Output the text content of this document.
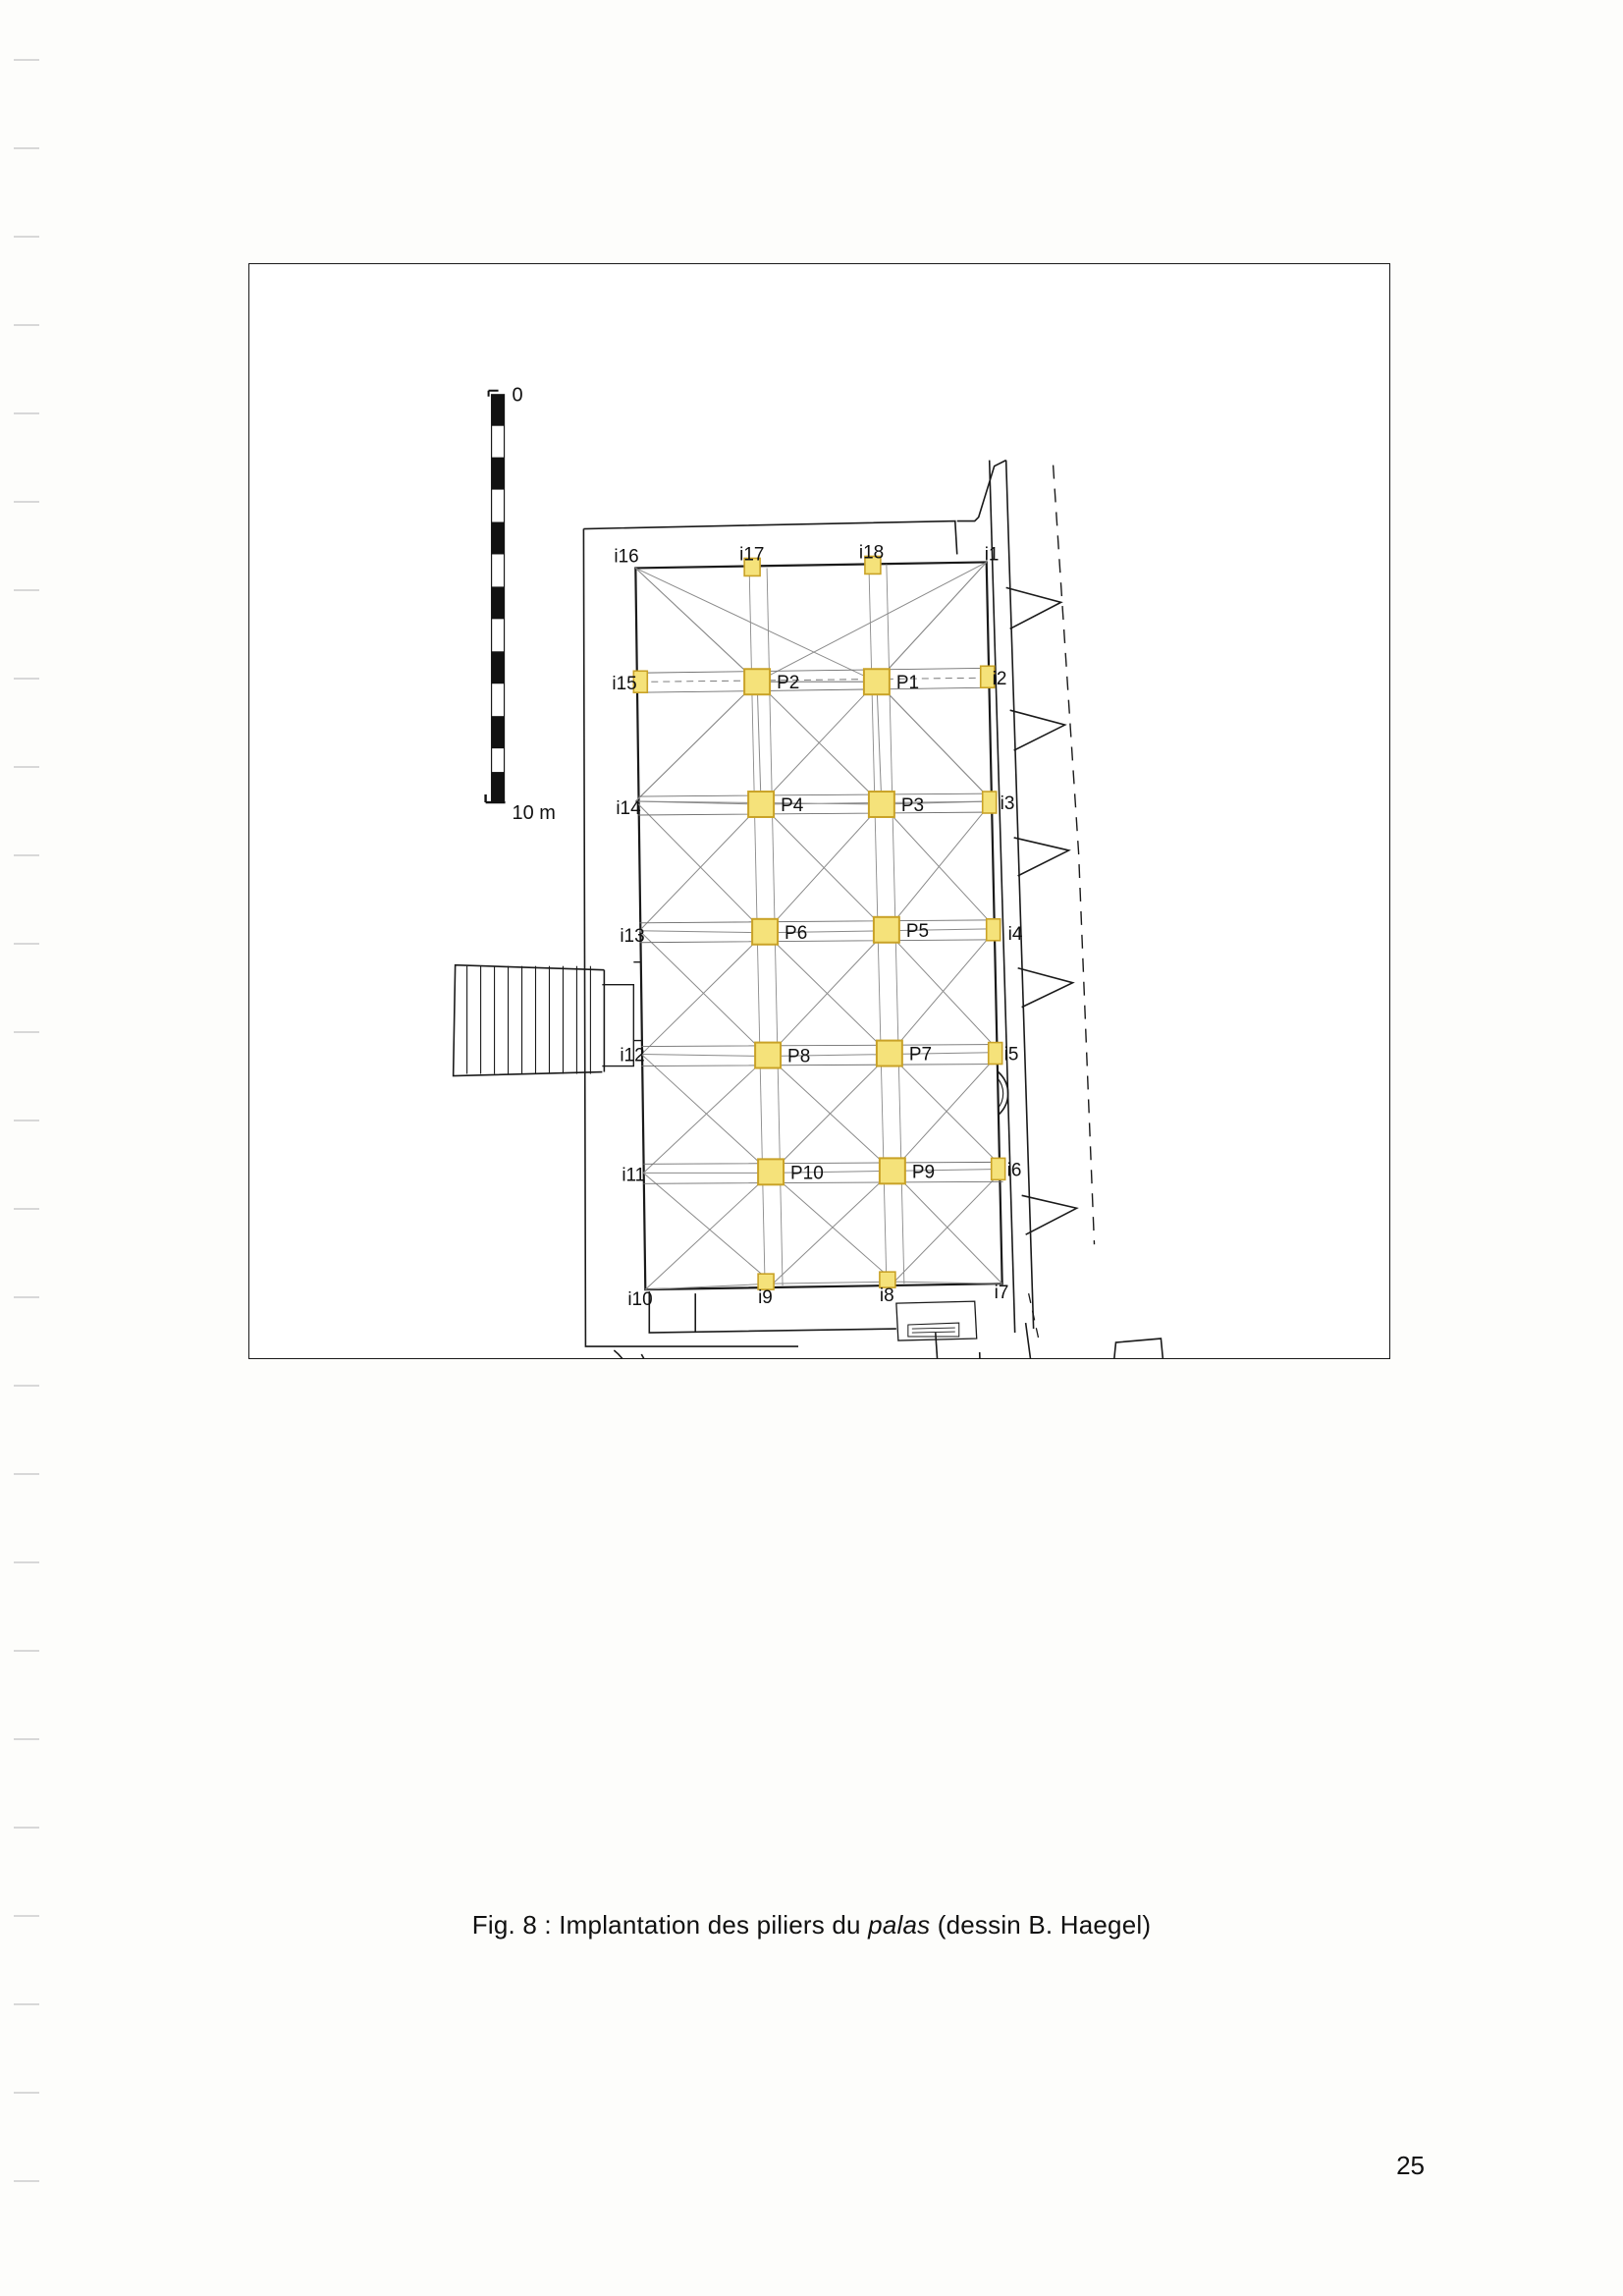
0
10 m
P2	P1
P4	P3
P6	P5
P8	P7
P10	P9
i1
i2
i3
i4
i5
i6
i7
i8
i9
i10
i11
i12
i13
i14
i15
i16	i17	i18
Fig. 8 : Implantation des piliers du palas (dessin B. Haegel)
25
